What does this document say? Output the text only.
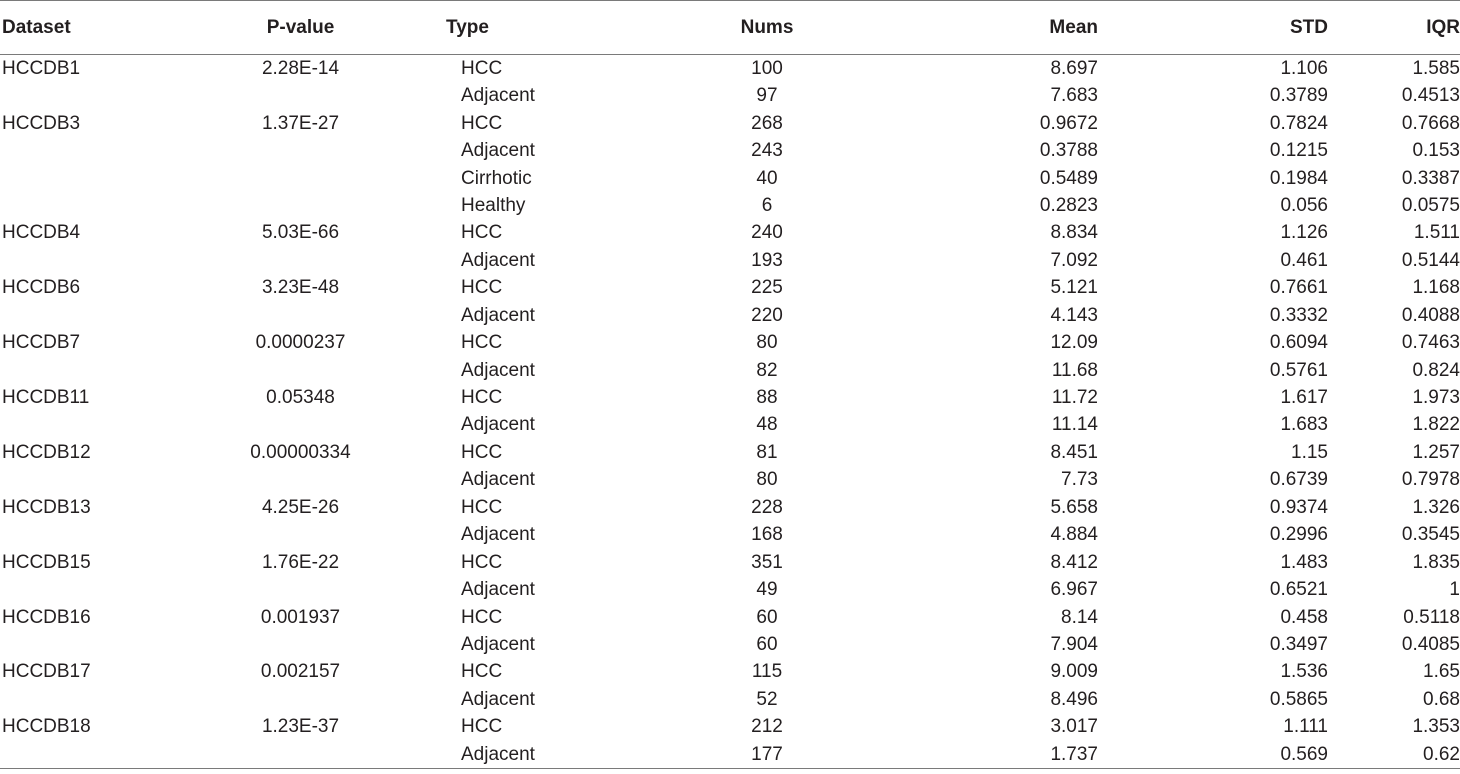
Dataset	P-value	Type	Nums	Mean	STD	IQR
HCCDB1	2.28E-14	HCC	100	8.697	1.106	1.585
		Adjacent	97	7.683	0.3789	0.4513
HCCDB3	1.37E-27	HCC	268	0.9672	0.7824	0.7668
		Adjacent	243	0.3788	0.1215	0.153
		Cirrhotic	40	0.5489	0.1984	0.3387
		Healthy	6	0.2823	0.056	0.0575
HCCDB4	5.03E-66	HCC	240	8.834	1.126	1.511
		Adjacent	193	7.092	0.461	0.5144
HCCDB6	3.23E-48	HCC	225	5.121	0.7661	1.168
		Adjacent	220	4.143	0.3332	0.4088
HCCDB7	0.0000237	HCC	80	12.09	0.6094	0.7463
		Adjacent	82	11.68	0.5761	0.824
HCCDB11	0.05348	HCC	88	11.72	1.617	1.973
		Adjacent	48	11.14	1.683	1.822
HCCDB12	0.00000334	HCC	81	8.451	1.15	1.257
		Adjacent	80	7.73	0.6739	0.7978
HCCDB13	4.25E-26	HCC	228	5.658	0.9374	1.326
		Adjacent	168	4.884	0.2996	0.3545
HCCDB15	1.76E-22	HCC	351	8.412	1.483	1.835
		Adjacent	49	6.967	0.6521	1
HCCDB16	0.001937	HCC	60	8.14	0.458	0.5118
		Adjacent	60	7.904	0.3497	0.4085
HCCDB17	0.002157	HCC	115	9.009	1.536	1.65
		Adjacent	52	8.496	0.5865	0.68
HCCDB18	1.23E-37	HCC	212	3.017	1.111	1.353
		Adjacent	177	1.737	0.569	0.62
